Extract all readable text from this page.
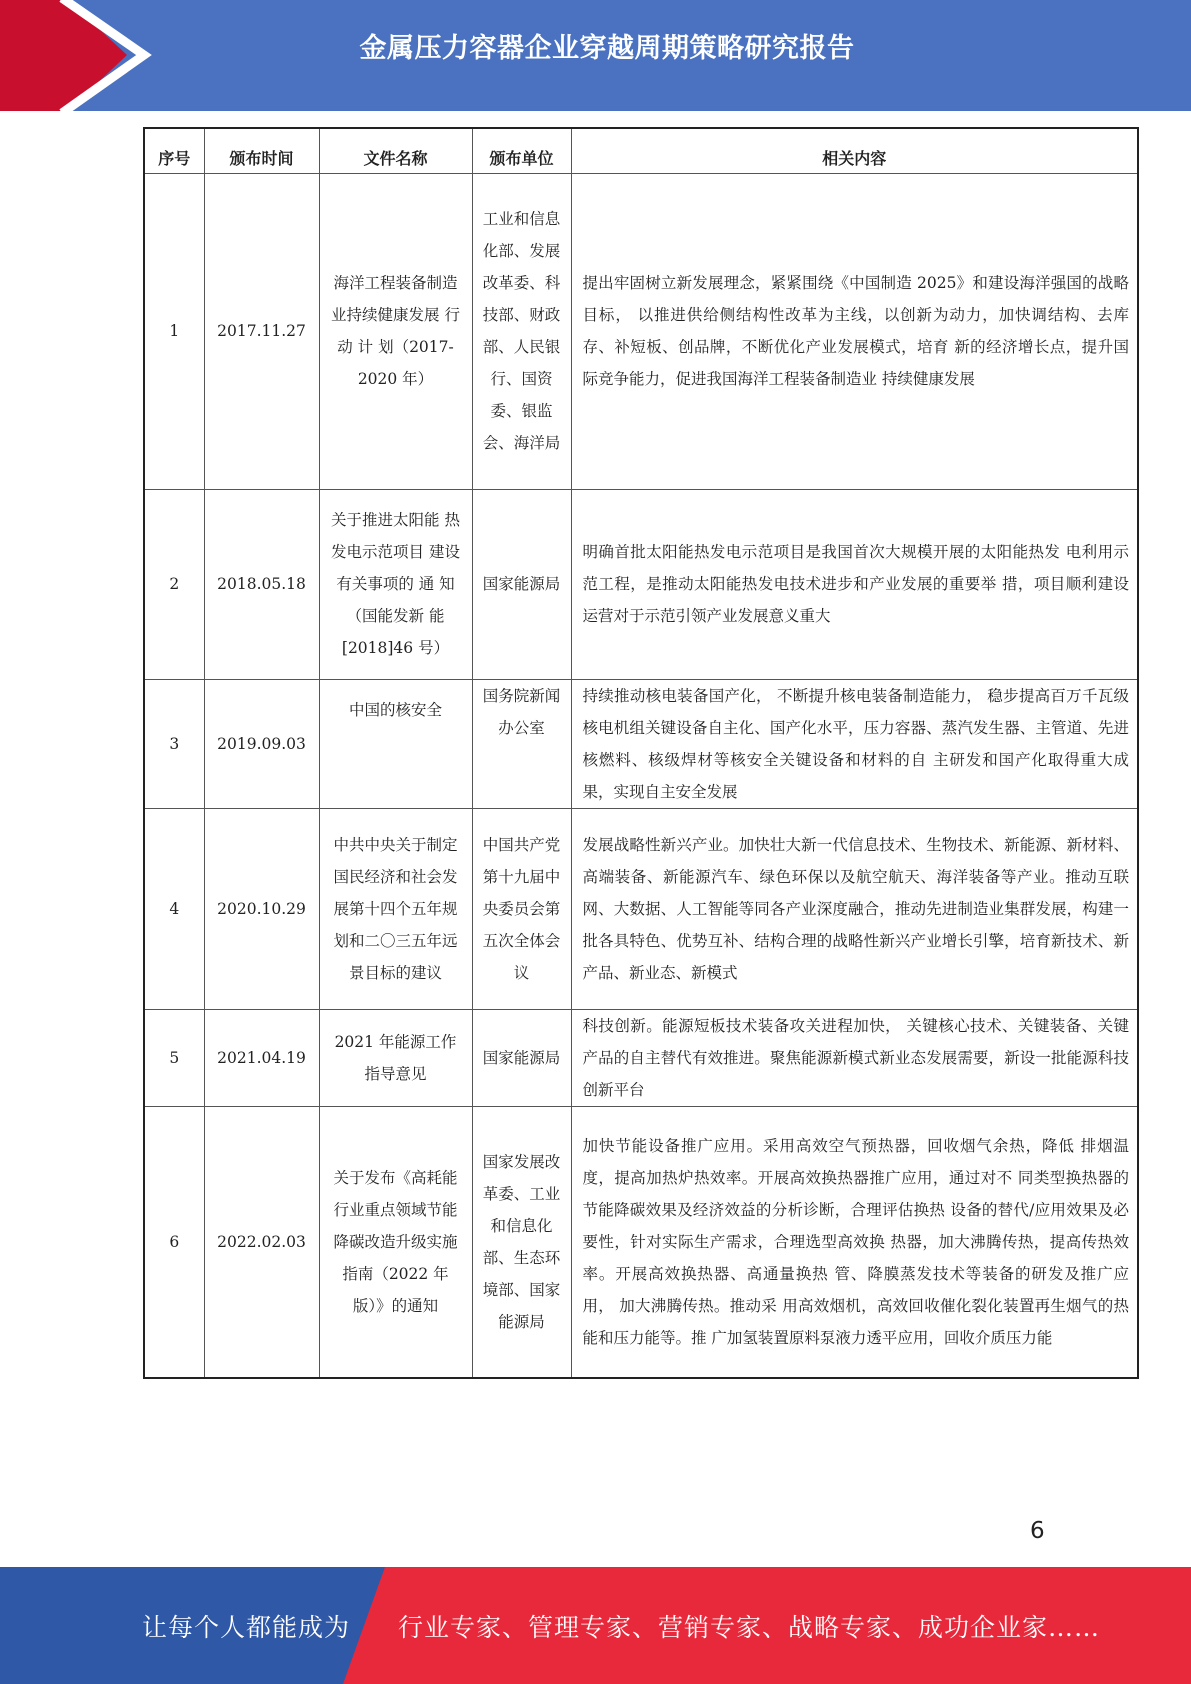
金属压力容器企业穿越周期策略研究报告
序号	颁布时间	文件名称	颁布单位	相关内容
1	2017.11.27	海洋工程装备制造业持续健康发展 行 动 计 划（2017-2020 年）	工业和信息化部、发展改革委、科技部、财政部、人民银行、国资委、银监会、海洋局	提出牢固树立新发展理念，紧紧围绕《中国制造 2025》和建设海洋强国的战略目标， 以推进供给侧结构性改革为主线，以创新为动力，加快调结构、去库存、补短板、创品牌，不断优化产业发展模式，培育 新的经济增长点，提升国际竞争能力，促进我国海洋工程装备制造业 持续健康发展
2	2018.05.18	关于推进太阳能 热发电示范项目 建设有关事项的 通 知（国能发新 能[2018]46 号）	国家能源局	明确首批太阳能热发电示范项目是我国首次大规模开展的太阳能热发 电利用示范工程，是推动太阳能热发电技术进步和产业发展的重要举 措，项目顺利建设运营对于示范引领产业发展意义重大
3	2019.09.03	中国的核安全	国务院新闻办公室	持续推动核电装备国产化， 不断提升核电装备制造能力， 稳步提高百万千瓦级核电机组关键设备自主化、国产化水平，压力容器、蒸汽发生器、主管道、先进核燃料、核级焊材等核安全关键设备和材料的自 主研发和国产化取得重大成果，实现自主安全发展
4	2020.10.29	中共中央关于制定国民经济和社会发展第十四个五年规划和二〇三五年远景目标的建议	中国共产党第十九届中央委员会第五次全体会议	发展战略性新兴产业。加快壮大新一代信息技术、生物技术、新能源、新材料、高端装备、新能源汽车、绿色环保以及航空航天、海洋装备等产业。推动互联网、大数据、人工智能等同各产业深度融合，推动先进制造业集群发展，构建一批各具特色、优势互补、结构合理的战略性新兴产业增长引擎，培育新技术、新产品、新业态、新模式
5	2021.04.19	2021 年能源工作 指导意见	国家能源局	科技创新。能源短板技术装备攻关进程加快， 关键核心技术、关键装备、关键产品的自主替代有效推进。聚焦能源新模式新业态发展需要，新设一批能源科技创新平台
6	2022.02.03	关于发布《高耗能行业重点领域节能降碳改造升级实施指南（2022 年版）》的通知	国家发展改革委、工业和信息化部、生态环境部、国家能源局	加快节能设备推广应用。采用高效空气预热器，回收烟气余热，降低 排烟温度，提高加热炉热效率。开展高效换热器推广应用，通过对不 同类型换热器的节能降碳效果及经济效益的分析诊断，合理评估换热 设备的替代/应用效果及必要性，针对实际生产需求，合理选型高效换 热器，加大沸腾传热，提高传热效率。开展高效换热器、高通量换热 管、降膜蒸发技术等装备的研发及推广应用， 加大沸腾传热。推动采 用高效烟机，高效回收催化裂化装置再生烟气的热能和压力能等。推 广加氢装置原料泵液力透平应用，回收介质压力能
6
让每个人都能成为 行业专家、管理专家、营销专家、战略专家、成功企业家……
